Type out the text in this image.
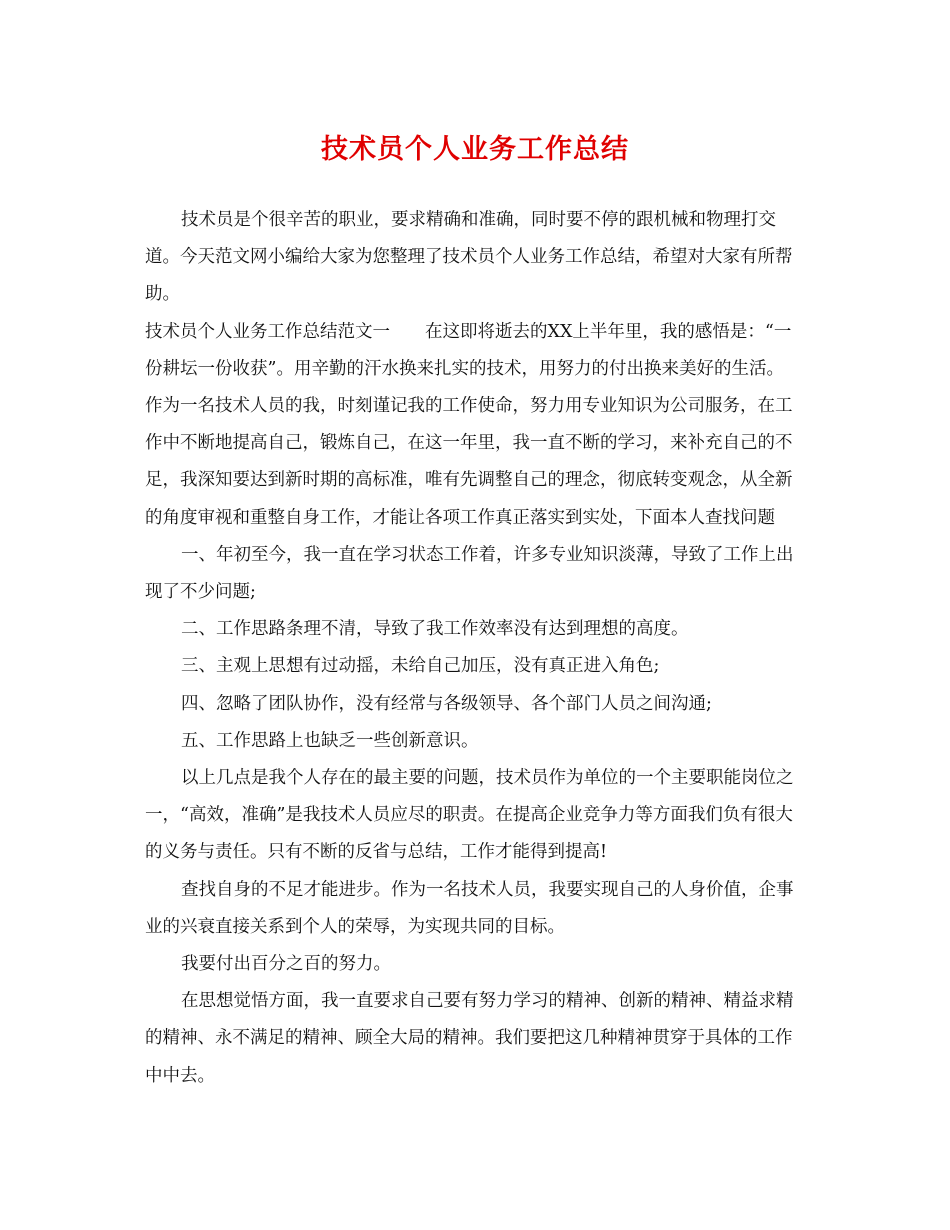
技术员个人业务工作总结

技术员是个很辛苦的职业，要求精确和准确，同时要不停的跟机械和物理打交道。今天范文网小编给大家为您整理了技术员个人业务工作总结，希望对大家有所帮助。

技术员个人业务工作总结范文一　　在这即将逝去的XX上半年里，我的感悟是：“一份耕坛一份收获”。用辛勤的汗水换来扎实的技术，用努力的付出换来美好的生活。　作为一名技术人员的我，时刻谨记我的工作使命，努力用专业知识为公司服务，在工作中不断地提高自己，锻炼自己，在这一年里，我一直不断的学习，来补充自己的不足，我深知要达到新时期的高标准，唯有先调整自己的理念，彻底转变观念，从全新的角度审视和重整自身工作，才能让各项工作真正落实到实处，下面本人查找问题

一、年初至今，我一直在学习状态工作着，许多专业知识淡薄，导致了工作上出现了不少问题;

二、工作思路条理不清，导致了我工作效率没有达到理想的高度。

三、主观上思想有过动摇，未给自己加压，没有真正进入角色;

四、忽略了团队协作，没有经常与各级领导、各个部门人员之间沟通;

五、工作思路上也缺乏一些创新意识。

以上几点是我个人存在的最主要的问题，技术员作为单位的一个主要职能岗位之一，“高效，准确”是我技术人员应尽的职责。在提高企业竞争力等方面我们负有很大的义务与责任。只有不断的反省与总结，工作才能得到提高!

查找自身的不足才能进步。作为一名技术人员，我要实现自己的人身价值，企事业的兴衰直接关系到个人的荣辱，为实现共同的目标。

我要付出百分之百的努力。

在思想觉悟方面，我一直要求自己要有努力学习的精神、创新的精神、精益求精的精神、永不满足的精神、顾全大局的精神。我们要把这几种精神贯穿于具体的工作中中去。
